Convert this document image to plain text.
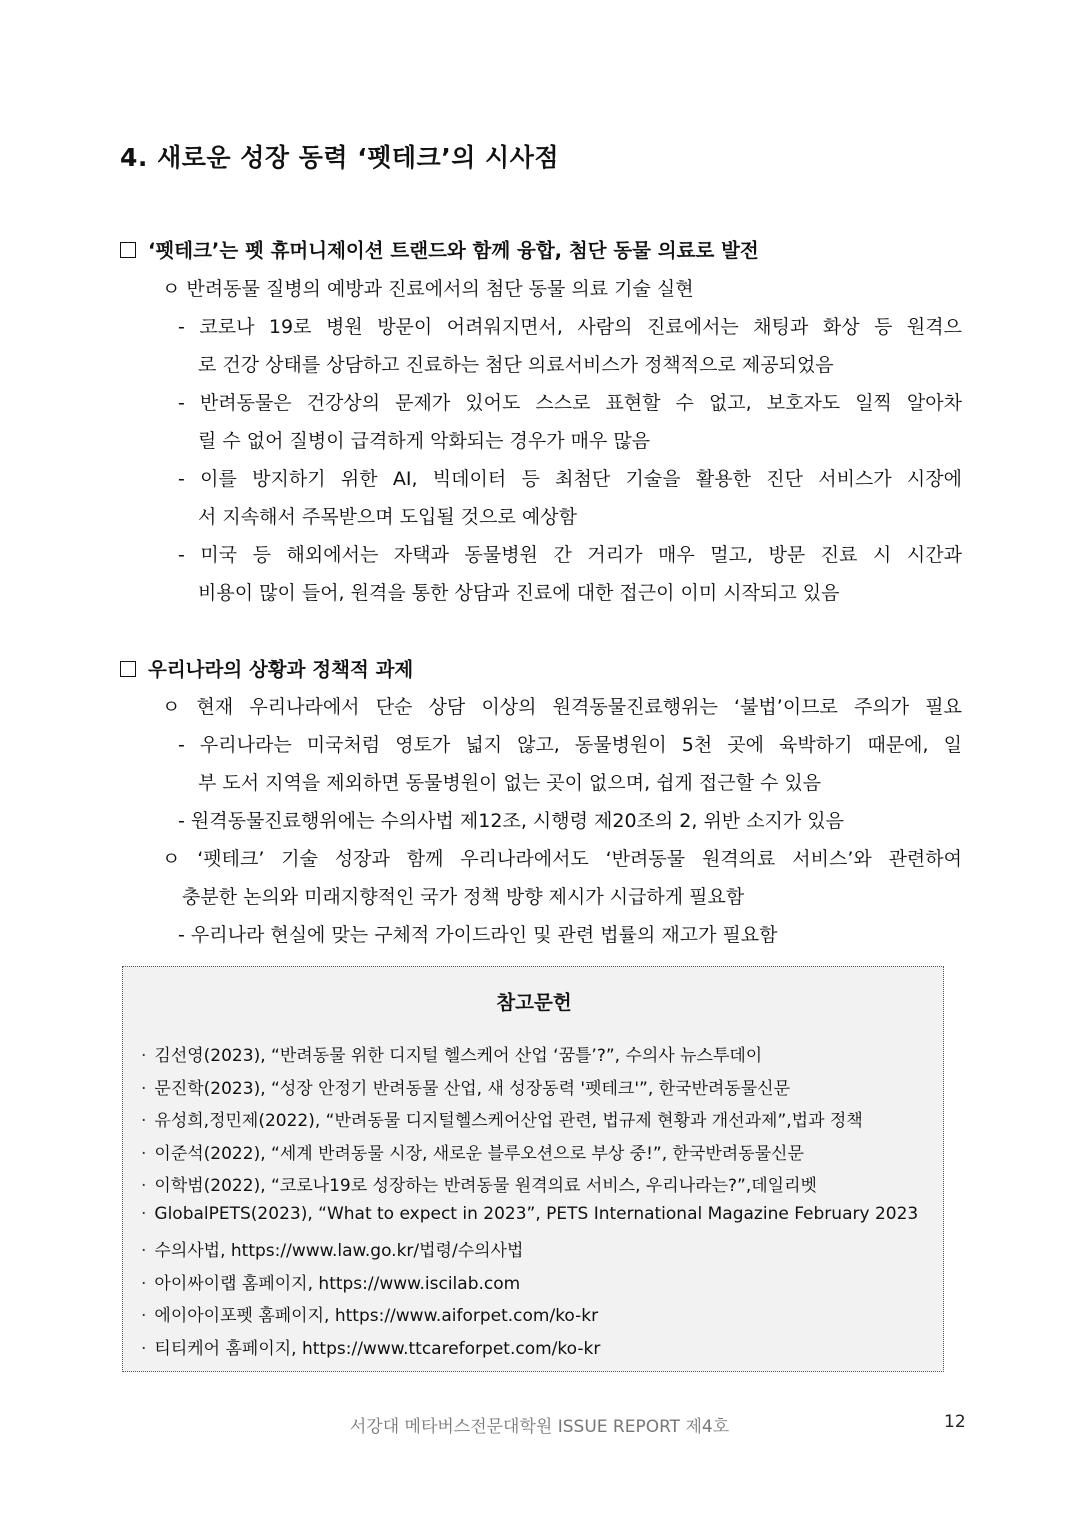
4. 새로운 성장 동력 ‘펫테크’의 시사점
‘펫테크’는 펫 휴머니제이션 트랜드와 함께 융합, 첨단 동물 의료로 발전
ㅇ 반려동물 질병의 예방과 진료에서의 첨단 동물 의료 기술 실현
- 코로나 19로 병원 방문이 어려워지면서, 사람의 진료에서는 채팅과 화상 등 원격으
로 건강 상태를 상담하고 진료하는 첨단 의료서비스가 정책적으로 제공되었음
- 반려동물은 건강상의 문제가 있어도 스스로 표현할 수 없고, 보호자도 일찍 알아차
릴 수 없어 질병이 급격하게 악화되는 경우가 매우 많음
- 이를 방지하기 위한 AI, 빅데이터 등 최첨단 기술을 활용한 진단 서비스가 시장에
서 지속해서 주목받으며 도입될 것으로 예상함
- 미국 등 해외에서는 자택과 동물병원 간 거리가 매우 멀고, 방문 진료 시 시간과
비용이 많이 들어, 원격을 통한 상담과 진료에 대한 접근이 이미 시작되고 있음
우리나라의 상황과 정책적 과제
ㅇ 현재 우리나라에서 단순 상담 이상의 원격동물진료행위는 ‘불법’이므로 주의가 필요
- 우리나라는 미국처럼 영토가 넓지 않고, 동물병원이 5천 곳에 육박하기 때문에, 일
부 도서 지역을 제외하면 동물병원이 없는 곳이 없으며, 쉽게 접근할 수 있음
- 원격동물진료행위에는 수의사법 제12조, 시행령 제20조의 2, 위반 소지가 있음
ㅇ ‘펫테크’ 기술 성장과 함께 우리나라에서도 ‘반려동물 원격의료 서비스’와 관련하여
충분한 논의와 미래지향적인 국가 정책 방향 제시가 시급하게 필요함
- 우리나라 현실에 맞는 구체적 가이드라인 및 관련 법률의 재고가 필요함
참고문헌
· 김선영(2023), “반려동물 위한 디지털 헬스케어 산업 ‘꿈틀’?”, 수의사 뉴스투데이
· 문진학(2023), “성장 안정기 반려동물 산업, 새 성장동력 '펫테크'”, 한국반려동물신문
· 유성희,정민제(2022), “반려동물 디지털헬스케어산업 관련, 법규제 현황과 개선과제”,법과 정책
· 이준석(2022), “세계 반려동물 시장, 새로운 블루오션으로 부상 중!”, 한국반려동물신문
· 이학범(2022), “코로나19로 성장하는 반려동물 원격의료 서비스, 우리나라는?”,데일리벳
· GlobalPETS(2023), “What to expect in 2023”, PETS International Magazine February 2023
· 수의사법, https://www.law.go.kr/법령/수의사법
· 아이싸이랩 홈페이지, https://www.iscilab.com
· 에이아이포펫 홈페이지, https://www.aiforpet.com/ko-kr
· 티티케어 홈페이지, https://www.ttcareforpet.com/ko-kr
서강대 메타버스전문대학원 ISSUE REPORT 제4호	12
